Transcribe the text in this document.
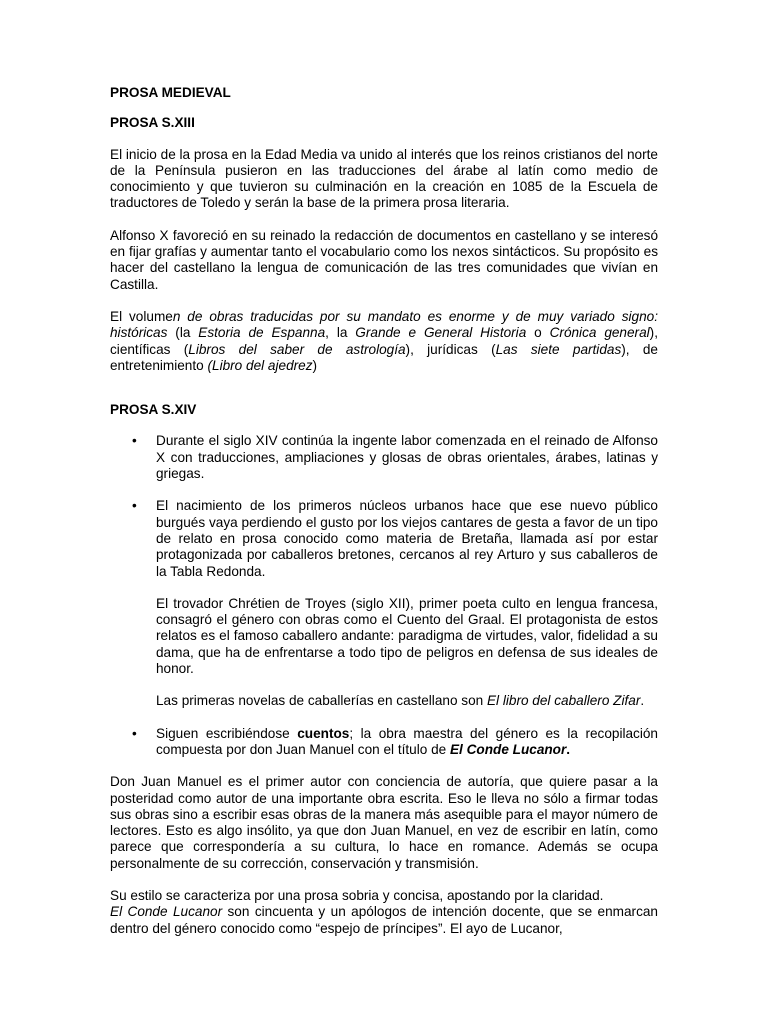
PROSA MEDIEVAL

PROSA S.XIII

El inicio de la prosa en la Edad Media va unido al interés que los reinos cristianos del norte de la Península pusieron en las traducciones del árabe al latín como medio de conocimiento y que tuvieron su culminación en la creación en 1085 de la Escuela de traductores de Toledo y serán la base de la primera prosa literaria.

Alfonso X favoreció en su reinado la redacción de documentos en castellano y se interesó en fijar grafías y aumentar tanto el vocabulario como los nexos sintácticos. Su propósito es hacer del castellano la lengua de comunicación de las tres comunidades que vivían en Castilla.

El volumen de obras traducidas por su mandato es enorme y de muy variado signo: históricas (la Estoria de Espanna, la Grande e General Historia o Crónica general), científicas (Libros del saber de astrología), jurídicas (Las siete partidas), de entretenimiento (Libro del ajedrez)

PROSA S.XIV

• Durante el siglo XIV continúa la ingente labor comenzada en el reinado de Alfonso X con traducciones, ampliaciones y glosas de obras orientales, árabes, latinas y griegas.

• El nacimiento de los primeros núcleos urbanos hace que ese nuevo público burgués vaya perdiendo el gusto por los viejos cantares de gesta a favor de un tipo de relato en prosa conocido como materia de Bretaña, llamada así por estar protagonizada por caballeros bretones, cercanos al rey Arturo y sus caballeros de la Tabla Redonda.

El trovador Chrétien de Troyes (siglo XII), primer poeta culto en lengua francesa, consagró el género con obras como el Cuento del Graal. El protagonista de estos relatos es el famoso caballero andante: paradigma de virtudes, valor, fidelidad a su dama, que ha de enfrentarse a todo tipo de peligros en defensa de sus ideales de honor.

Las primeras novelas de caballerías en castellano son El libro del caballero Zifar.

• Siguen escribiéndose cuentos; la obra maestra del género es la recopilación compuesta por don Juan Manuel con el título de El Conde Lucanor.

Don Juan Manuel es el primer autor con conciencia de autoría, que quiere pasar a la posteridad como autor de una importante obra escrita. Eso le lleva no sólo a firmar todas sus obras sino a escribir esas obras de la manera más asequible para el mayor número de lectores. Esto es algo insólito, ya que don Juan Manuel, en vez de escribir en latín, como parece que correspondería a su cultura, lo hace en romance. Además se ocupa personalmente de su corrección, conservación y transmisión.

Su estilo se caracteriza por una prosa sobria y concisa, apostando por la claridad.

El Conde Lucanor son cincuenta y un apólogos de intención docente, que se enmarcan dentro del género conocido como “espejo de príncipes”. El ayo de Lucanor,
